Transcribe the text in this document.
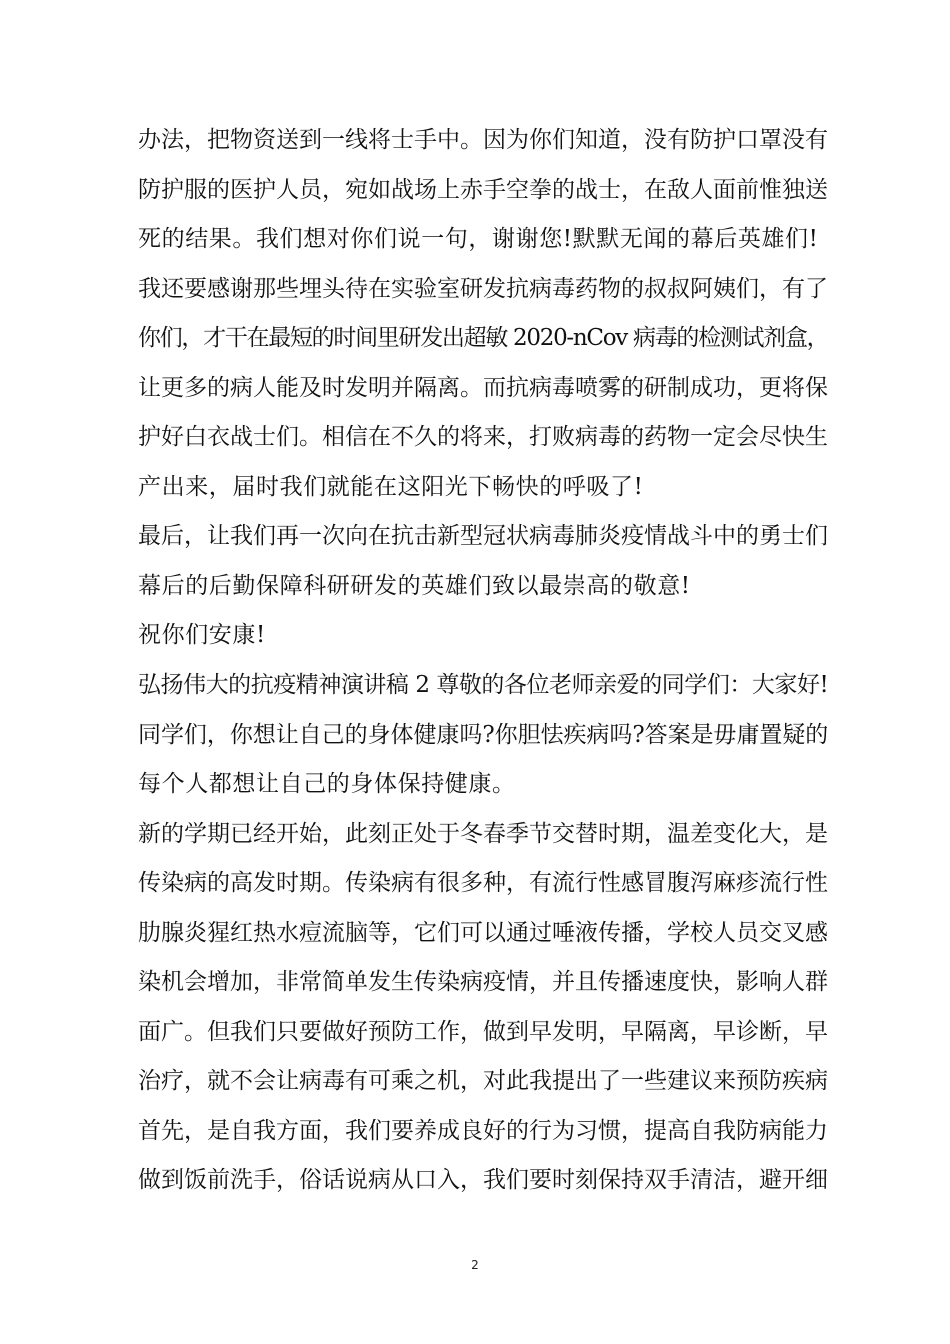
办法，把物资送到一线将士手中。因为你们知道，没有防护口罩没有
防护服的医护人员，宛如战场上赤手空拳的战士，在敌人面前惟独送
死的结果。我们想对你们说一句，谢谢您!默默无闻的幕后英雄们!
我还要感谢那些埋头待在实验室研发抗病毒药物的叔叔阿姨们，有了
你们，才干在最短的时间里研发出超敏 2020-nCov 病毒的检测试剂盒，
让更多的病人能及时发明并隔离。而抗病毒喷雾的研制成功，更将保
护好白衣战士们。相信在不久的将来，打败病毒的药物一定会尽快生
产出来，届时我们就能在这阳光下畅快的呼吸了!
最后，让我们再一次向在抗击新型冠状病毒肺炎疫情战斗中的勇士们
幕后的后勤保障科研研发的英雄们致以最崇高的敬意!
祝你们安康!
弘扬伟大的抗疫精神演讲稿 2 尊敬的各位老师亲爱的同学们：大家好!
同学们，你想让自己的身体健康吗?你胆怯疾病吗?答案是毋庸置疑的
每个人都想让自己的身体保持健康。
新的学期已经开始，此刻正处于冬春季节交替时期，温差变化大，是
传染病的高发时期。传染病有很多种，有流行性感冒腹泻麻疹流行性
肋腺炎猩红热水痘流脑等，它们可以通过唾液传播，学校人员交叉感
染机会增加，非常简单发生传染病疫情，并且传播速度快，影响人群
面广。但我们只要做好预防工作，做到早发明，早隔离，早诊断，早
治疗，就不会让病毒有可乘之机，对此我提出了一些建议来预防疾病
首先，是自我方面，我们要养成良好的行为习惯，提高自我防病能力
做到饭前洗手，俗话说病从口入，我们要时刻保持双手清洁，避开细
2
